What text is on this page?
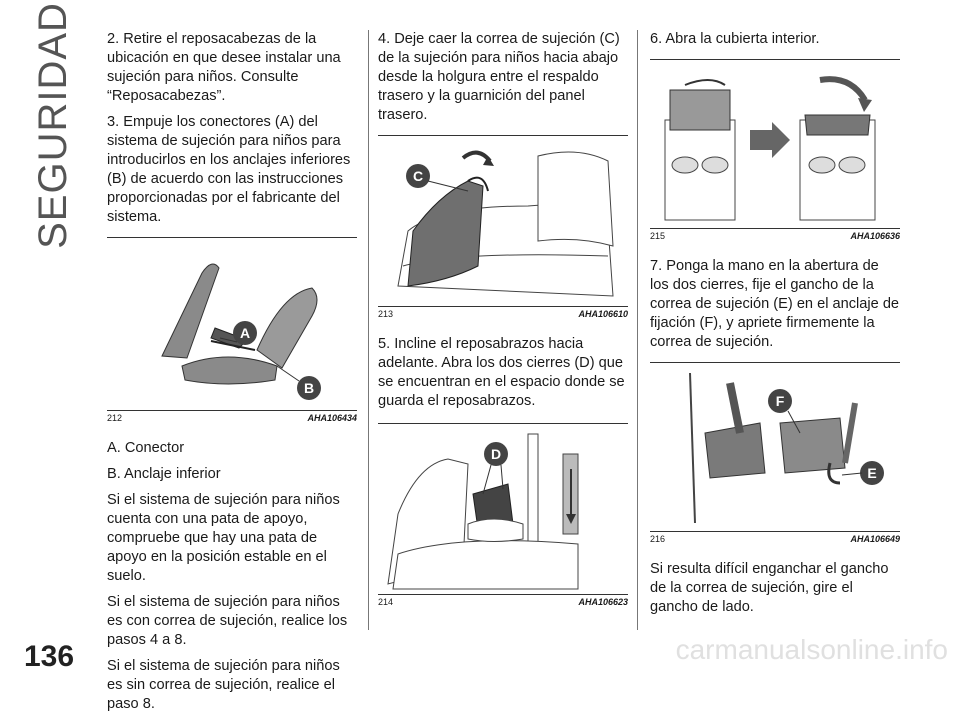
SEGURIDAD
136

2. Retire el reposacabezas de la ubicación en que desee instalar una sujeción para niños. Consulte “Reposacabezas”.

3. Empuje los conectores (A) del sistema de sujeción para niños para introducirlos en los anclajes inferiores (B) de acuerdo con las instrucciones proporcionadas por el fabricante del sistema.

A
B
212	AHA106434

A. Conector

B. Anclaje inferior

Si el sistema de sujeción para niños cuenta con una pata de apoyo, compruebe que hay una pata de apoyo en la posición estable en el suelo.

Si el sistema de sujeción para niños es con correa de sujeción, realice los pasos 4 a 8.

Si el sistema de sujeción para niños es sin correa de sujeción, realice el paso 8.

4. Deje caer la correa de sujeción (C) de la sujeción para niños hacia abajo desde la holgura entre el respaldo trasero y la guarnición del panel trasero.

C
213	AHA106610

5. Incline el reposabrazos hacia adelante. Abra los dos cierres (D) que se encuentran en el espacio donde se guarda el reposabrazos.

D
214	AHA106623

6. Abra la cubierta interior.

215	AHA106636

7. Ponga la mano en la abertura de los dos cierres, fije el gancho de la correa de sujeción (E) en el anclaje de fijación (F), y apriete firmemente la correa de sujeción.

F
E
216	AHA106649

Si resulta difícil enganchar el gancho de la correa de sujeción, gire el gancho de lado.

carmanualsonline.info
